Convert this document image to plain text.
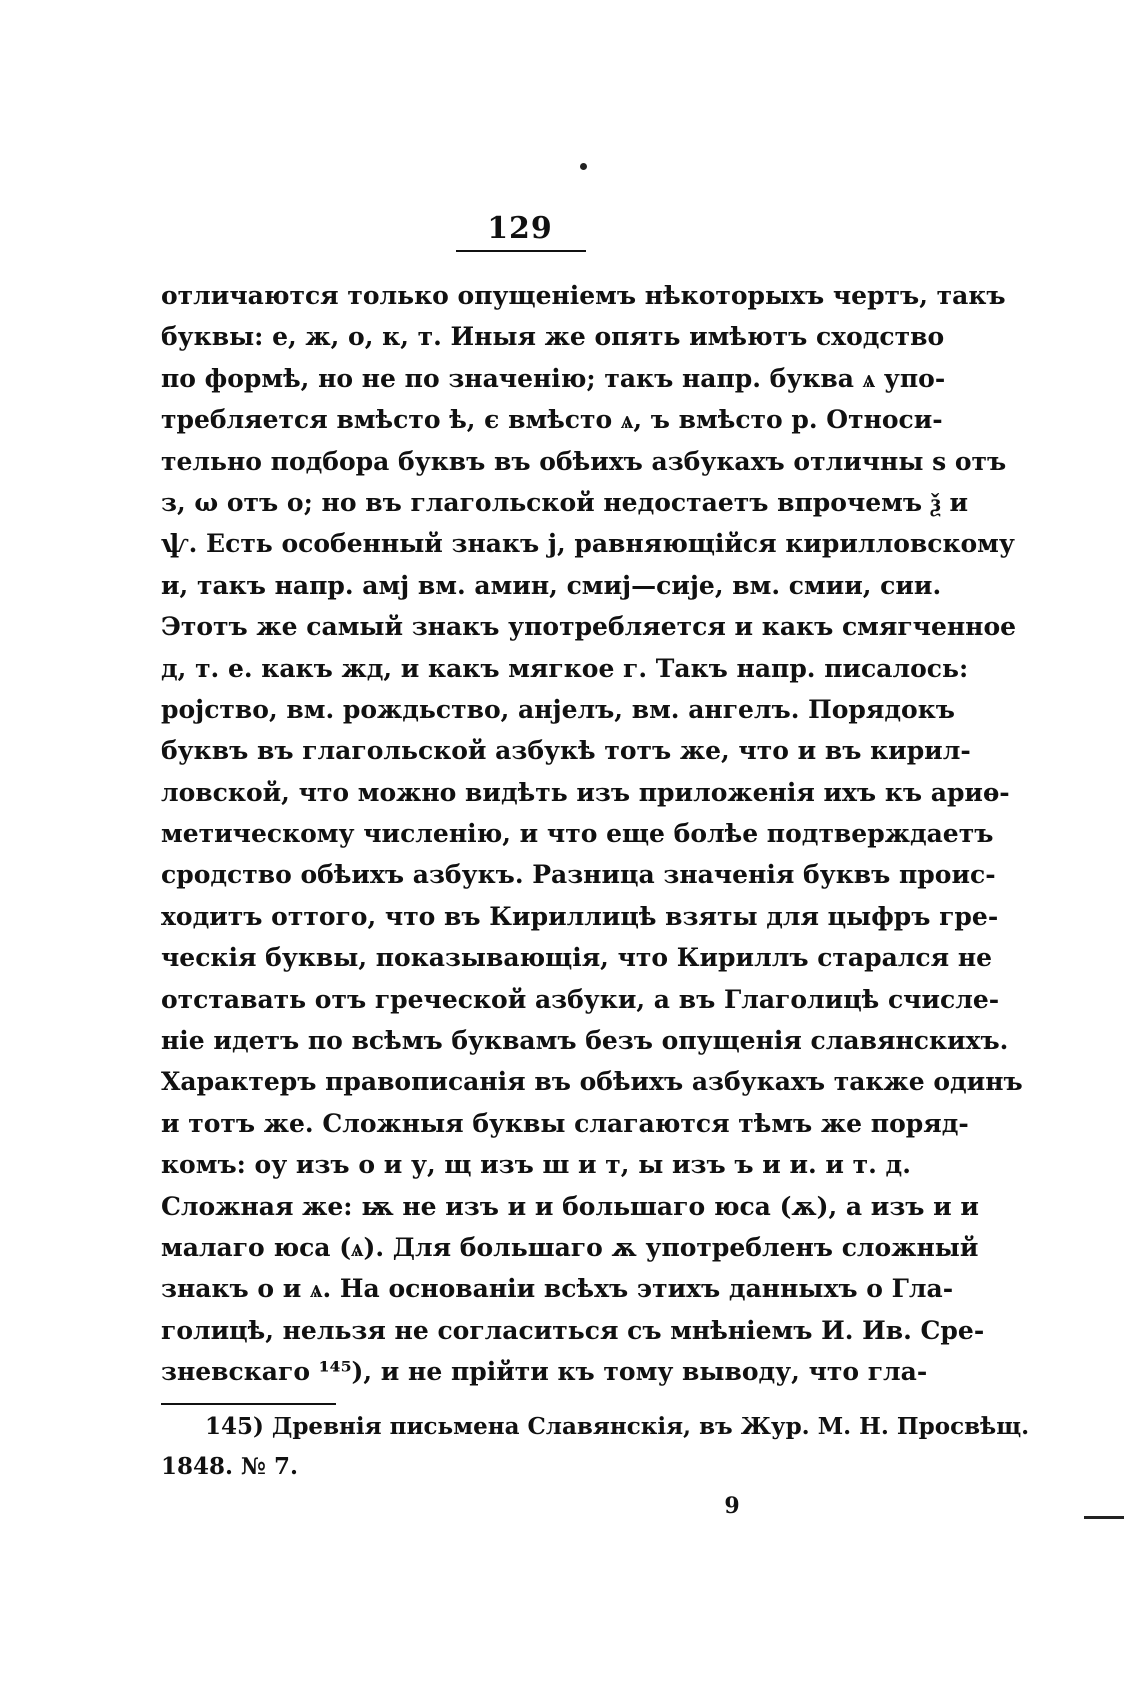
129
отличаются только опущеніемъ нѣкоторыхъ чертъ, такъ
буквы: е, ж, о, к, т. Иныя же опять имѣютъ сходство
по формѣ, но не по значенію; такъ напр. буква ѧ упо-
требляется вмѣсто ѣ, є вмѣсто ѧ, ъ вмѣсто р. Относи-
тельно подбора буквъ въ обѣихъ азбукахъ отличны s отъ
з, ω отъ о; но въ глагольской недостаетъ впрочемъ ѯ и
ѱ. Есть особенный знакъ ј, равняющійся кирилловскому
и, такъ напр. амј вм. амин, смиј—сије, вм. смии, сии.
Этотъ же самый знакъ употребляется и какъ смягченное
д, т. е. какъ жд, и какъ мягкое г. Такъ напр. писалось:
ројство, вм. рождьство, анјелъ, вм. ангелъ. Порядокъ
буквъ въ глагольской азбукѣ тотъ же, что и въ кирил-
ловской, что можно видѣть изъ приложенія ихъ къ ариѳ-
метическому численію, и что еще болѣе подтверждаетъ
сродство обѣихъ азбукъ. Разница значенія буквъ проис-
ходитъ оттого, что въ Кириллицѣ взяты для цыфръ гре-
ческія буквы, показывающія, что Кириллъ старался не
отставать отъ греческой азбуки, а въ Глаголицѣ счисле-
ніе идетъ по всѣмъ буквамъ безъ опущенія славянскихъ.
Характеръ правописанія въ обѣихъ азбукахъ также одинъ
и тотъ же. Сложныя буквы слагаются тѣмъ же поряд-
комъ: оу изъ о и у, щ изъ ш и т, ы изъ ъ и и. и т. д.
Сложная же: ѭ не изъ и и большаго юса (ѫ), а изъ и и
малаго юса (ѧ). Для большаго ѫ употребленъ сложный
знакъ о и ѧ. На основаніи всѣхъ этихъ данныхъ о Гла-
голицѣ, нельзя не согласиться съ мнѣніемъ И. Ив. Сре-
зневскаго ¹⁴⁵), и не прійти къ тому выводу, что гла-
145) Древнія письмена Славянскія, въ Жур. М. Н. Просвѣщ.
1848. № 7.
9
